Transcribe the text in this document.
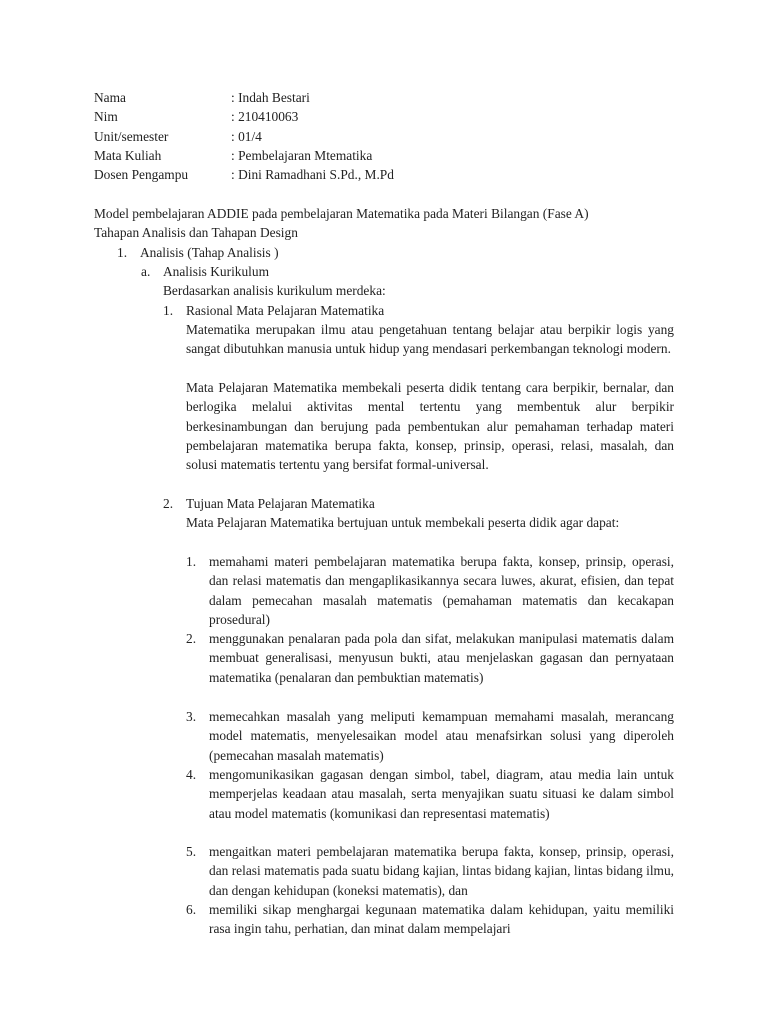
Nama	: Indah Bestari
Nim	: 210410063
Unit/semester	: 01/4
Mata Kuliah	: Pembelajaran Mtematika
Dosen Pengampu	: Dini Ramadhani S.Pd., M.Pd
Model pembelajaran ADDIE pada pembelajaran Matematika pada Materi Bilangan (Fase A)
Tahapan Analisis dan Tahapan Design
1. Analisis (Tahap Analisis )
a. Analisis Kurikulum
Berdasarkan analisis kurikulum merdeka:
1. Rasional Mata Pelajaran Matematika
Matematika merupakan ilmu atau pengetahuan tentang belajar atau berpikir logis yang sangat dibutuhkan manusia untuk hidup yang mendasari perkembangan teknologi modern.
Mata Pelajaran Matematika membekali peserta didik tentang cara berpikir, bernalar, dan berlogika melalui aktivitas mental tertentu yang membentuk alur berpikir berkesinambungan dan berujung pada pembentukan alur pemahaman terhadap materi pembelajaran matematika berupa fakta, konsep, prinsip, operasi, relasi, masalah, dan solusi matematis tertentu yang bersifat formal-universal.
2. Tujuan Mata Pelajaran Matematika
Mata Pelajaran Matematika bertujuan untuk membekali peserta didik agar dapat:
1. memahami materi pembelajaran matematika berupa fakta, konsep, prinsip, operasi, dan relasi matematis dan mengaplikasikannya secara luwes, akurat, efisien, dan tepat dalam pemecahan masalah matematis (pemahaman matematis dan kecakapan prosedural)
2. menggunakan penalaran pada pola dan sifat, melakukan manipulasi matematis dalam membuat generalisasi, menyusun bukti, atau menjelaskan gagasan dan pernyataan matematika (penalaran dan pembuktian matematis)
3. memecahkan masalah yang meliputi kemampuan memahami masalah, merancang model matematis, menyelesaikan model atau menafsirkan solusi yang diperoleh (pemecahan masalah matematis)
4. mengomunikasikan gagasan dengan simbol, tabel, diagram, atau media lain untuk memperjelas keadaan atau masalah, serta menyajikan suatu situasi ke dalam simbol atau model matematis (komunikasi dan representasi matematis)
5. mengaitkan materi pembelajaran matematika berupa fakta, konsep, prinsip, operasi, dan relasi matematis pada suatu bidang kajian, lintas bidang kajian, lintas bidang ilmu, dan dengan kehidupan (koneksi matematis), dan
6. memiliki sikap menghargai kegunaan matematika dalam kehidupan, yaitu memiliki rasa ingin tahu, perhatian, dan minat dalam mempelajari
